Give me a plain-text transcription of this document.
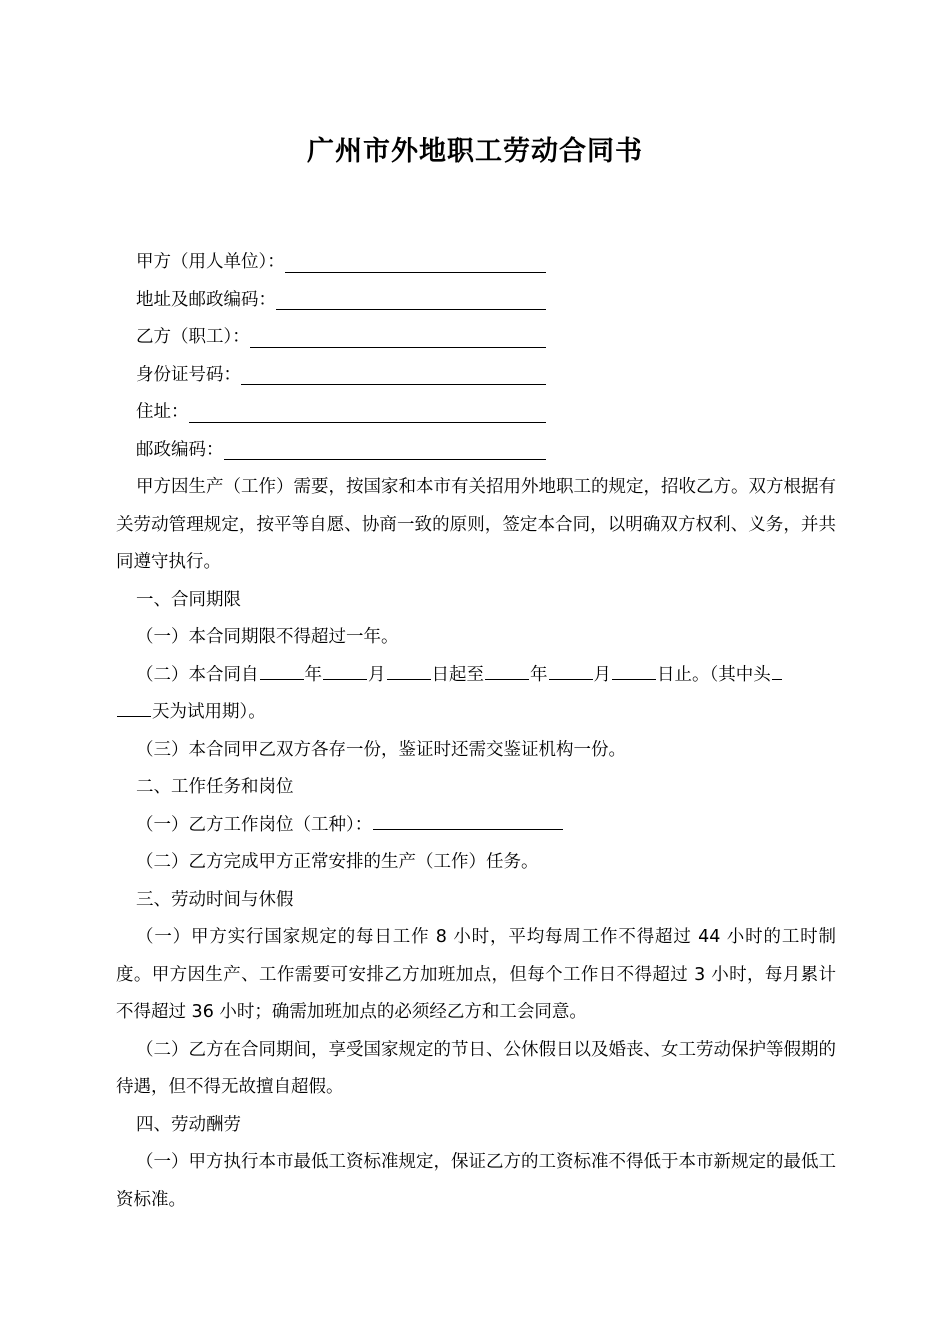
广州市外地职工劳动合同书
甲方（用人单位）：
地址及邮政编码：
乙方（职工）：
身份证号码：
住址：
邮政编码：

甲方因生产（工作）需要，按国家和本市有关招用外地职工的规定，招收乙方。双方根据有关劳动管理规定，按平等自愿、协商一致的原则，签定本合同，以明确双方权利、义务，并共同遵守执行。

一、合同期限
（一）本合同期限不得超过一年。
（二）本合同自	年	月	日起至	年	月	日止。（其中头
天为试用期）。
（三）本合同甲乙双方各存一份，鉴证时还需交鉴证机构一份。
二、工作任务和岗位
（一）乙方工作岗位（工种）：
（二）乙方完成甲方正常安排的生产（工作）任务。
三、劳动时间与休假

（一）甲方实行国家规定的每日工作 8 小时，平均每周工作不得超过 44 小时的工时制度。甲方因生产、工作需要可安排乙方加班加点，但每个工作日不得超过 3 小时，每月累计不得超过 36 小时；确需加班加点的必须经乙方和工会同意。

（二）乙方在合同期间，享受国家规定的节日、公休假日以及婚丧、女工劳动保护等假期的待遇，但不得无故擅自超假。

四、劳动酬劳

（一）甲方执行本市最低工资标准规定，保证乙方的工资标准不得低于本市新规定的最低工资标准。
